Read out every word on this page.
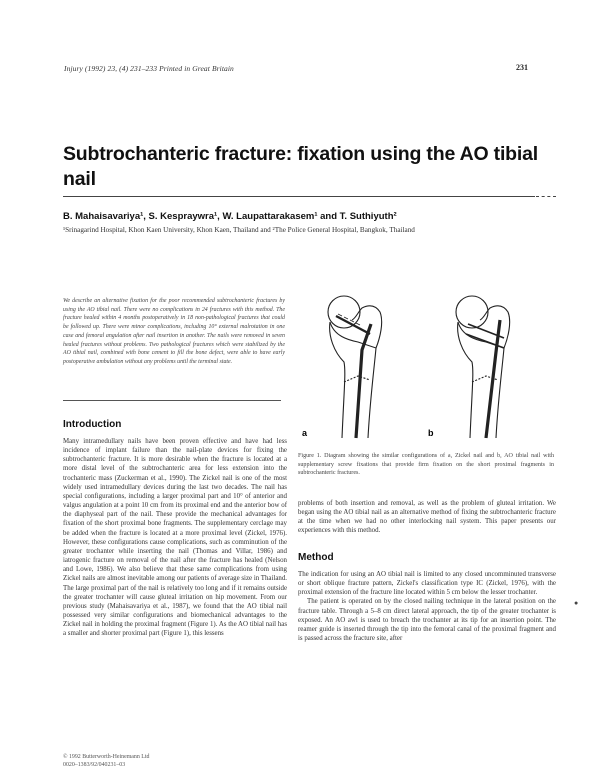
Injury (1992) 23, (4) 231–233 Printed in Great Britain	231
Subtrochanteric fracture: fixation using the AO tibial nail
B. Mahaisavariya¹, S. Kespraywra¹, W. Laupattarakasem¹ and T. Suthiyuth²
¹Srinagarind Hospital, Khon Kaen University, Khon Kaen, Thailand and ²The Police General Hospital, Bangkok, Thailand

We describe an alternative fixation for the poor recommended subtrochanteric fractures by using the AO tibial nail. There were no complications in 24 fractures with this method. The fracture healed within 4 months postoperatively in 18 non-pathological fractures that could be followed up. There were minor complications, including 10° external malrotation in one case and femoral angulation after nail insertion in another. The nails were removed in seven healed fractures without problems. Two pathological fractures which were stabilized by the AO tibial nail, combined with bone cement to fill the bone defect, were able to have early postoperative ambulation without any problems until the terminal state.

Introduction

Many intramedullary nails have been proven effective and have had less incidence of implant failure than the nail-plate devices for fixing the subtrochanteric fracture. It is more desirable when the fracture is located at a more distal level of the subtrochanteric area for less extension into the trochanteric mass (Zuckerman et al., 1990). The Zickel nail is one of the most widely used intramedullary devices during the last two decades. The nail has special configurations, including a larger proximal part and 10° of anterior and valgus angulation at a point 10 cm from its proximal end and the anterior bow of the diaphyseal part of the nail. These provide the mechanical advantages for fixation of the short proximal bone fragments. The supplementary cerclage may be added when the fracture is located at a more proximal level (Zickel, 1976). However, these configurations cause complications, such as comminution of the greater trochanter while inserting the nail (Thomas and Villar, 1986) and iatrogenic fracture on removal of the nail after the fracture has healed (Nelson and Lowe, 1986). We also believe that these same complications from using Zickel nails are almost inevitable among our patients of average size in Thailand. The large proximal part of the nail is relatively too long and if it remains outside the greater trochanter will cause gluteal irritation on hip movement. From our previous study (Mahaisavariya et al., 1987), we found that the AO tibial nail possessed very similar configurations and biomechanical advantages to the Zickel nail in holding the proximal fragment (Figure 1). As the AO tibial nail has a smaller and shorter proximal part (Figure 1), this lessens

a	b

Figure 1. Diagram showing the similar configurations of a, Zickel nail and b, AO tibial nail with supplementary screw fixations that provide firm fixation on the short proximal fragments in subtrochanteric fractures.

problems of both insertion and removal, as well as the problem of gluteal irritation. We began using the AO tibial nail as an alternative method of fixing the subtrochanteric fracture at the time when we had no other interlocking nail system. This paper presents our experiences with this method.

Method

The indication for using an AO tibial nail is limited to any closed uncomminuted transverse or short oblique fracture pattern, Zickel's classification type IC (Zickel, 1976), with the proximal extension of the fracture line located within 5 cm below the lesser trochanter.

The patient is operated on by the closed nailing technique in the lateral position on the fracture table. Through a 5–8 cm direct lateral approach, the tip of the greater trochanter is exposed. An AO awl is used to breach the trochanter at its tip for an insertion point. The reamer guide is inserted through the tip into the femoral canal of the proximal fragment and is passed across the fracture site, after

●
© 1992 Butterworth-Heinemann Ltd
0020–1383/92/040231–03
